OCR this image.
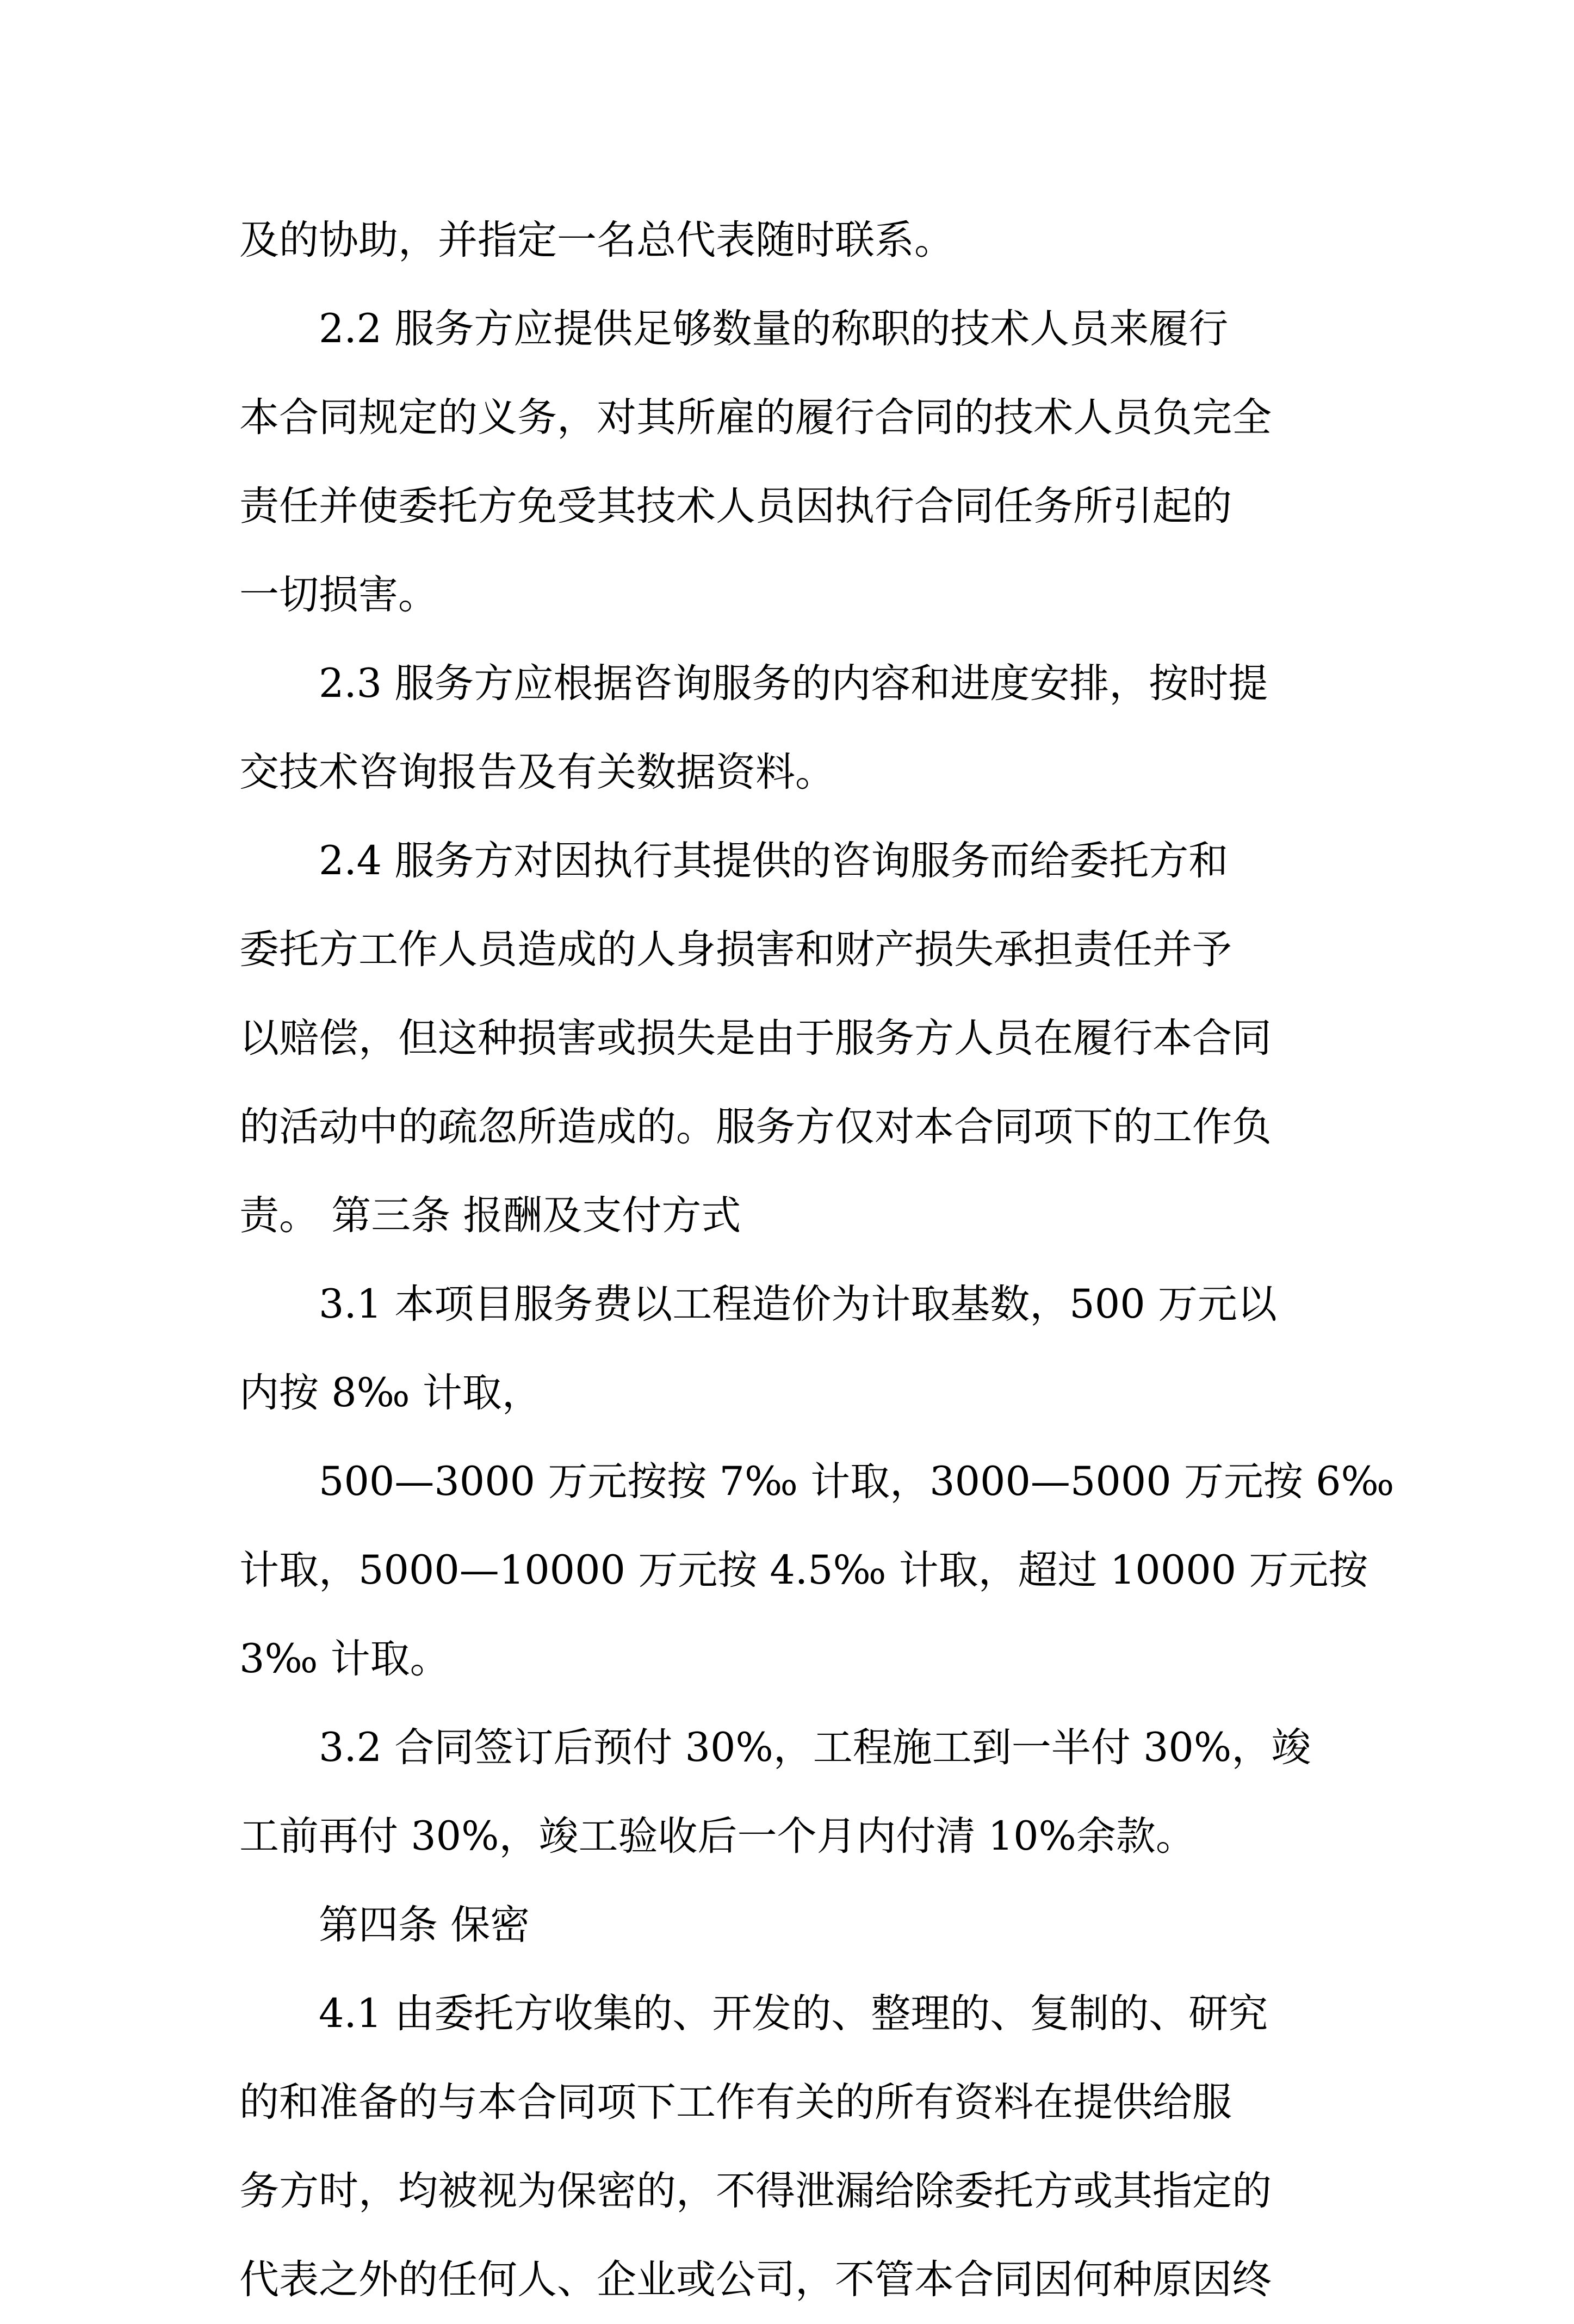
及的协助，并指定一名总代表随时联系。
2.2 服务方应提供足够数量的称职的技术人员来履行
本合同规定的义务，对其所雇的履行合同的技术人员负完全
责任并使委托方免受其技术人员因执行合同任务所引起的
一切损害。
2.3 服务方应根据咨询服务的内容和进度安排，按时提
交技术咨询报告及有关数据资料。
2.4 服务方对因执行其提供的咨询服务而给委托方和
委托方工作人员造成的人身损害和财产损失承担责任并予
以赔偿，但这种损害或损失是由于服务方人员在履行本合同
的活动中的疏忽所造成的。服务方仅对本合同项下的工作负
责。 第三条 报酬及支付方式
3.1 本项目服务费以工程造价为计取基数，500 万元以
内按 8‰ 计取，
500—3000 万元按按 7‰ 计取，3000—5000 万元按 6‰
计取，5000—10000 万元按 4.5‰ 计取，超过 10000 万元按
3‰ 计取。
3.2 合同签订后预付 30%，工程施工到一半付 30%，竣
工前再付 30%，竣工验收后一个月内付清 10%余款。
第四条 保密
4.1 由委托方收集的、开发的、整理的、复制的、研究
的和准备的与本合同项下工作有关的所有资料在提供给服
务方时，均被视为保密的，不得泄漏给除委托方或其指定的
代表之外的任何人、企业或公司，不管本合同因何种原因终
